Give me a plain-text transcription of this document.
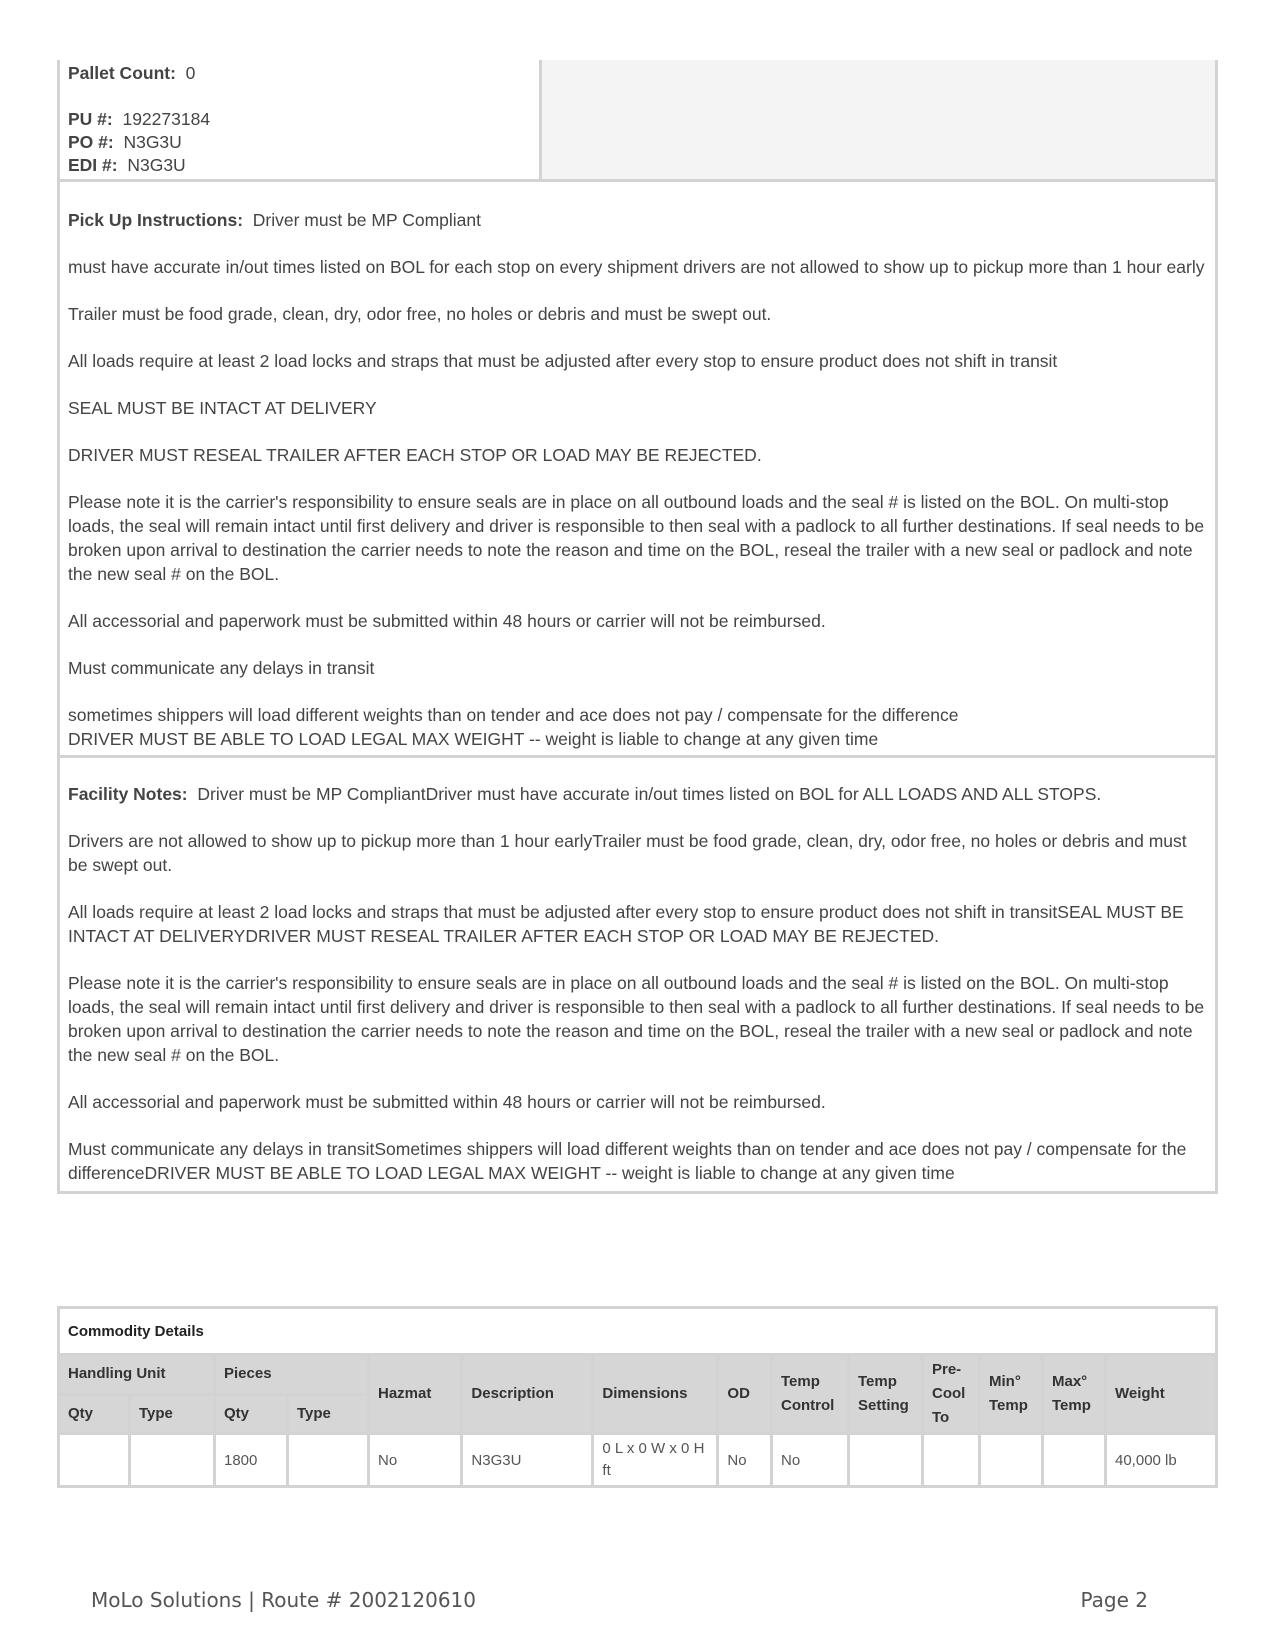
Pallet Count: 0
PU #: 192273184
PO #: N3G3U
EDI #: N3G3U

Pick Up Instructions: Driver must be MP Compliant

must have accurate in/out times listed on BOL for each stop on every shipment drivers are not allowed to show up to pickup more than 1 hour early

Trailer must be food grade, clean, dry, odor free, no holes or debris and must be swept out.

All loads require at least 2 load locks and straps that must be adjusted after every stop to ensure product does not shift in transit

SEAL MUST BE INTACT AT DELIVERY

DRIVER MUST RESEAL TRAILER AFTER EACH STOP OR LOAD MAY BE REJECTED.

Please note it is the carrier's responsibility to ensure seals are in place on all outbound loads and the seal # is listed on the BOL. On multi-stop loads, the seal will remain intact until first delivery and driver is responsible to then seal with a padlock to all further destinations. If seal needs to be broken upon arrival to destination the carrier needs to note the reason and time on the BOL, reseal the trailer with a new seal or padlock and note the new seal # on the BOL.

All accessorial and paperwork must be submitted within 48 hours or carrier will not be reimbursed.

Must communicate any delays in transit

sometimes shippers will load different weights than on tender and ace does not pay / compensate for the difference
DRIVER MUST BE ABLE TO LOAD LEGAL MAX WEIGHT -- weight is liable to change at any given time

Facility Notes: Driver must be MP CompliantDriver must have accurate in/out times listed on BOL for ALL LOADS AND ALL STOPS.

Drivers are not allowed to show up to pickup more than 1 hour earlyTrailer must be food grade, clean, dry, odor free, no holes or debris and must be swept out.

All loads require at least 2 load locks and straps that must be adjusted after every stop to ensure product does not shift in transitSEAL MUST BE INTACT AT DELIVERYDRIVER MUST RESEAL TRAILER AFTER EACH STOP OR LOAD MAY BE REJECTED.

Please note it is the carrier's responsibility to ensure seals are in place on all outbound loads and the seal # is listed on the BOL. On multi-stop loads, the seal will remain intact until first delivery and driver is responsible to then seal with a padlock to all further destinations. If seal needs to be broken upon arrival to destination the carrier needs to note the reason and time on the BOL, reseal the trailer with a new seal or padlock and note the new seal # on the BOL.

All accessorial and paperwork must be submitted within 48 hours or carrier will not be reimbursed.

Must communicate any delays in transitSometimes shippers will load different weights than on tender and ace does not pay / compensate for the differenceDRIVER MUST BE ABLE TO LOAD LEGAL MAX WEIGHT -- weight is liable to change at any given time

Commodity Details													
Handling Unit		Pieces		Hazmat	Description	Dimensions	OD	Temp Control	Temp Setting	Pre-Cool To	Min° Temp	Max° Temp	Weight
Qty	Type	Qty	Type										
		1800		No	N3G3U	0 L x 0 W x 0 H ft	No	No					40,000 lb
MoLo Solutions | Route # 2002120610	Page 2
